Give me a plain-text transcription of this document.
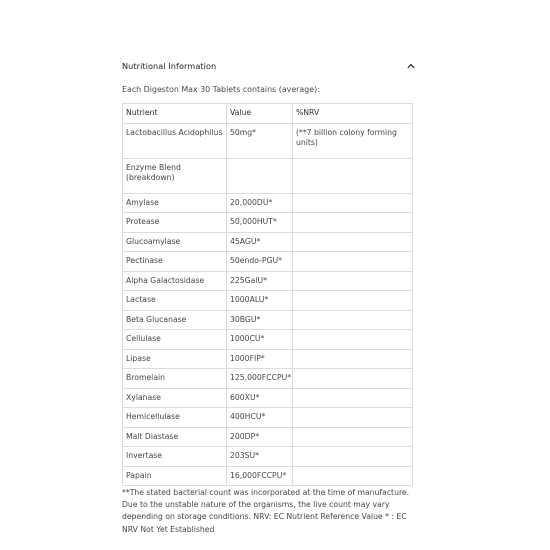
Nutritional Information
Each Digeston Max 30 Tablets contains (average):
Nutrient	Value	%NRV
Lactobacillus Acidophilus	50mg*	(**7 billion colony forming units)
Enzyme Blend (breakdown)		
Amylase	20,000DU*	
Protease	50,000HUT*	
Glucoamylase	45AGU*	
Pectinase	50endo-PGU*	
Alpha Galactosidase	225GalU*	
Lactase	1000ALU*	
Beta Glucanase	30BGU*	
Cellulase	1000CU*	
Lipase	1000FIP*	
Bromelain	125,000FCCPU*	
Xylanase	600XU*	
Hemicellulase	400HCU*	
Malt Diastase	200DP*	
Invertase	203SU*	
Papain	16,000FCCPU*	
**The stated bacterial count was incorporated at the time of manufacture. Due to the unstable nature of the organisms, the live count may vary depending on storage conditions. NRV: EC Nutrient Reference Value * : EC NRV Not Yet Established
